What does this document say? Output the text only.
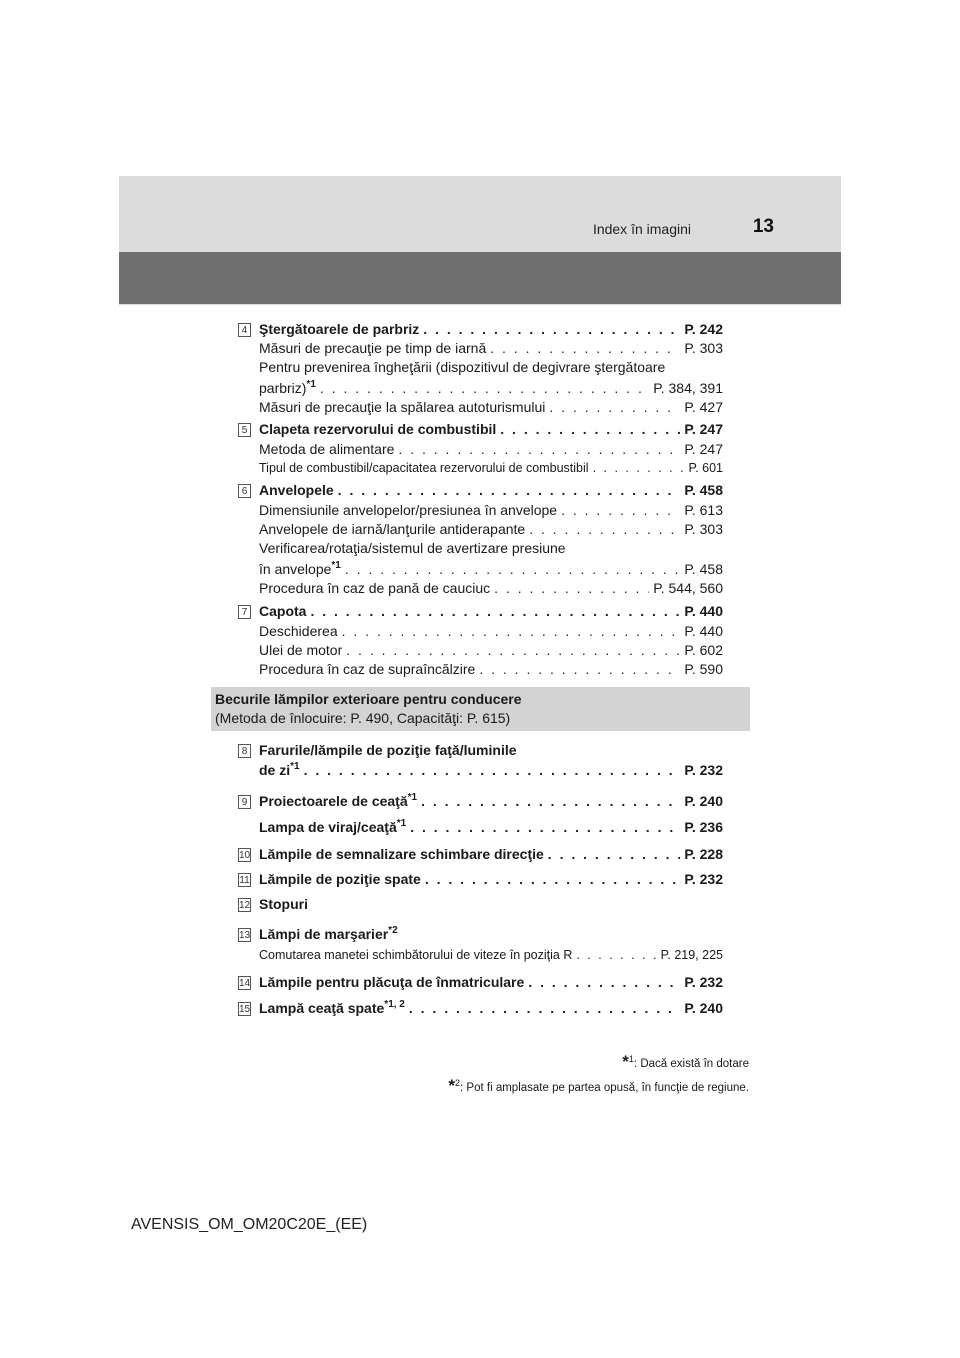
Index în imagini	13
4 Ştergătoarele de parbriz . . .	P. 242
Măsuri de precauţie pe timp de iarnă . . .	P. 303
Pentru prevenirea îngheţării (dispozitivul de degivrare ştergătoare
parbriz)$^{*1}$ . . .	P. 384, 391
Măsuri de precauţie la spălarea autoturismului . . .	P. 427
5 Clapeta rezervorului de combustibil . . .	P. 247
Metoda de alimentare . . .	P. 247
Tipul de combustibil/capacitatea rezervorului de combustibil . . .	P. 601
6 Anvelopele . . .	P. 458
Dimensiunile anvelopelor/presiunea în anvelope . . .	P. 613
Anvelopele de iarnă/lanţurile antiderapante . . .	P. 303
Verificarea/rotaţia/sistemul de avertizare presiune
în anvelope$^{*1}$ . . .	P. 458
Procedura în caz de pană de cauciuc . . .	P. 544, 560
7 Capota . . .	P. 440
Deschiderea . . .	P. 440
Ulei de motor . . .	P. 602
Procedura în caz de supraîncălzire . . .	P. 590
Becurile lămpilor exterioare pentru conducere
(Metoda de înlocuire: P. 490, Capacităţi: P. 615)
8 Farurile/lămpile de poziţie faţă/luminile
de $zi^{*1}$ . . .	P. 232
9 Proiectoarele de ceaţă$^{*1}$ . . .	P. 240
Lampa de viraj/ceaţă$^{*1}$ . . .	P. 236
10 Lămpile de semnalizare schimbare direcţie . . .	P. 228
11 Lămpile de poziţie spate . . .	P. 232
12 Stopuri
13 Lămpi de marşarier$^{*2}$
Comutarea manetei schimbătorului de viteze în poziţia R . . .	P. 219, 225
14 Lămpile pentru plăcuţa de înmatriculare . . .	P. 232
15 Lampă ceaţă spate$^{*1, 2}$ . . .	P. 240
*$^1$: Dacă există în dotare
*$^2$: Pot fi amplasate pe partea opusă, în funcţie de regiune.
AVENSIS_OM_OM20C20E_(EE)
